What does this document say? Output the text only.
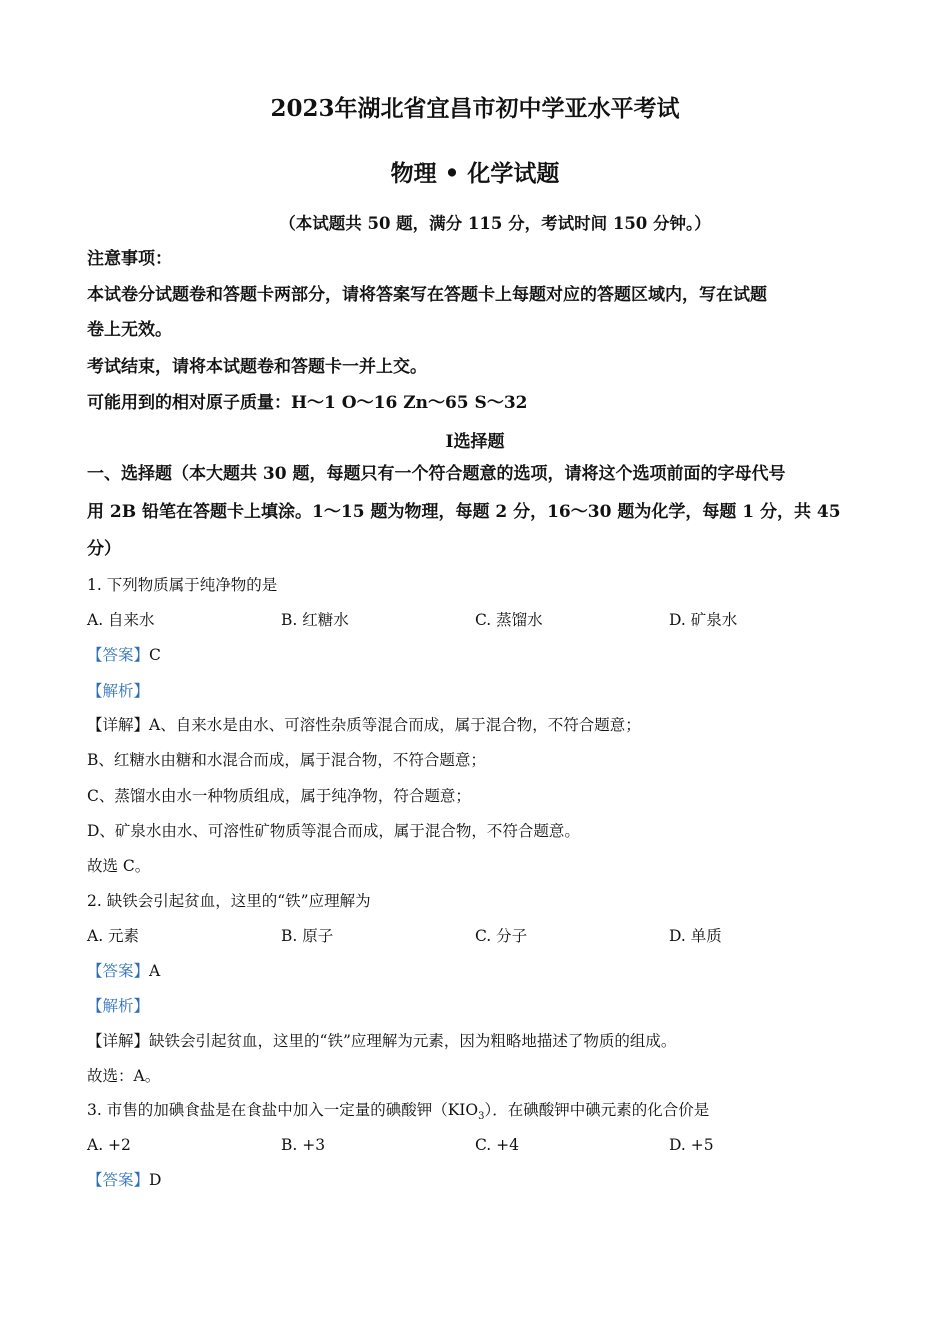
2023年湖北省宜昌市初中学亚水平考试
物理 • 化学试题
（本试题共 50 题，满分 115 分，考试时间 150 分钟。）
注意事项：
本试卷分试题卷和答题卡两部分，请将答案写在答题卡上每题对应的答题区域内，写在试题
卷上无效。
考试结束，请将本试题卷和答题卡一并上交。
可能用到的相对原子质量：H～1 O～16 Zn～65 S～32
Ⅰ选择题
一、选择题（本大题共 30 题，每题只有一个符合题意的选项，请将这个选项前面的字母代号
用 2B 铅笔在答题卡上填涂。1～15 题为物理，每题 2 分，16～30 题为化学，每题 1 分，共 45
分）
1. 下列物质属于纯净物的是
A. 自来水	B. 红糖水	C. 蒸馏水	D. 矿泉水
【答案】C
【解析】
【详解】A、自来水是由水、可溶性杂质等混合而成，属于混合物，不符合题意；
B、红糖水由糖和水混合而成，属于混合物，不符合题意；
C、蒸馏水由水一种物质组成，属于纯净物，符合题意；
D、矿泉水由水、可溶性矿物质等混合而成，属于混合物，不符合题意。
故选 C。
2. 缺铁会引起贫血，这里的“铁”应理解为
A. 元素	B. 原子	C. 分子	D. 单质
【答案】A
【解析】
【详解】缺铁会引起贫血，这里的“铁”应理解为元素，因为粗略地描述了物质的组成。
故选：A。
3. 市售的加碘食盐是在食盐中加入一定量的碘酸钾$(KIO_3)$．在碘酸钾中碘元素的化合价是
A. +2	B. +3	C. +4	D. +5
【答案】D
